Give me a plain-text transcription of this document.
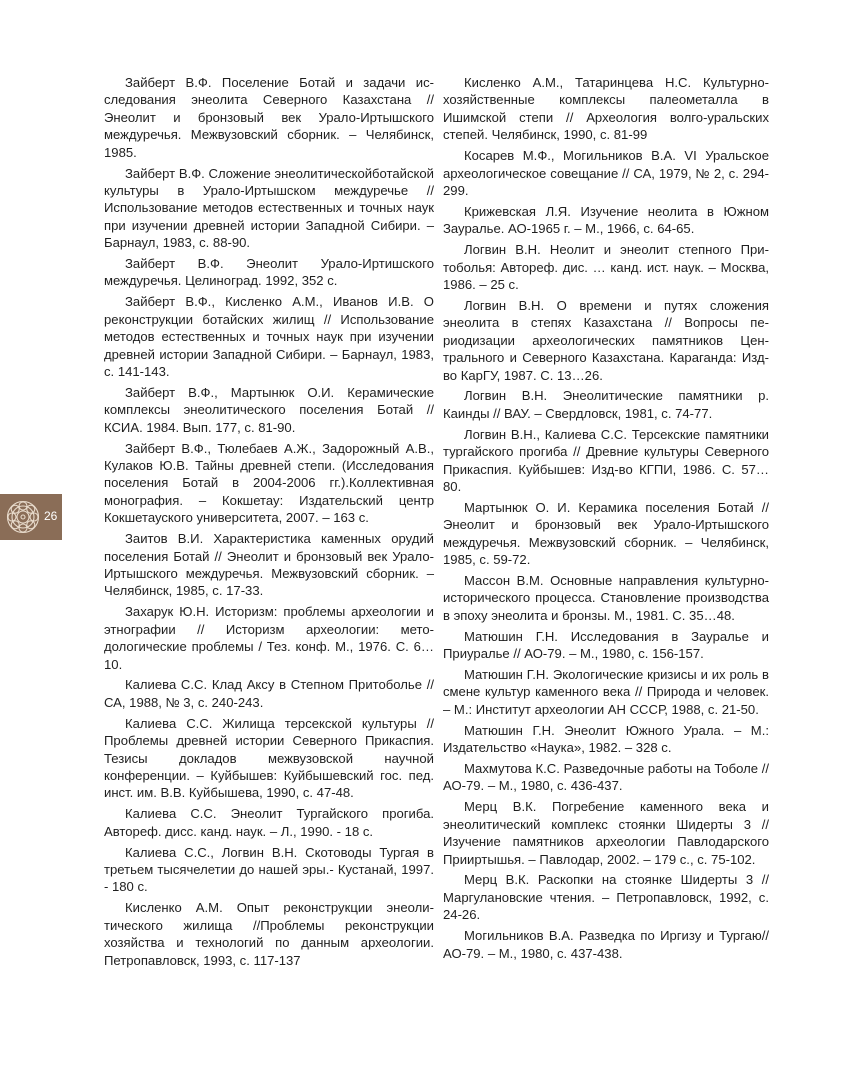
Зайберт В.Ф. Поселение Ботай и задачи исследования энеолита Северного Казахстана // Энеолит и бронзовый век Урало-Иртышского междуречья. Межвузовский сборник. – Челябинск, 1985.

Зайберт В.Ф. Сложение энеолитическойботайской культуры в Урало-Иртышском междуречье // Использование методов естественных и точных наук при изучении древней истории Западной Сибири. – Барнаул, 1983, с. 88-90.

Зайберт В.Ф. Энеолит Урало-Иртишского междуречья. Целиноград. 1992, 352 с.

Зайберт В.Ф., Кисленко А.М., Иванов И.В. О реконструкции ботайских жилищ // Использование методов естественных и точных наук при изучении древней истории Западной Сибири. – Барнаул, 1983, с. 141-143.

Зайберт В.Ф., Мартынюк О.И. Керамические комплексы энеолитического поселения Ботай // КСИА. 1984. Вып. 177, с. 81-90.

Зайберт В.Ф., Тюлебаев А.Ж., Задорожный А.В., Кулаков Ю.В. Тайны древней степи. (Исследования поселения Ботай в 2004-2006 гг.).Коллективная монография. – Кокшетау: Издательский центр Кокшетауского университета, 2007. – 163 с.

Заитов В.И. Характеристика каменных орудий поселения Ботай // Энеолит и бронзовый век Урало-Иртышского междуречья. Межвузовский сборник. – Челябинск, 1985, с. 17-33.

Захарук Ю.Н. Историзм: проблемы археологии и этнографии // Историзм археологии: методологические проблемы / Тез. конф. М., 1976. С. 6…10.

Калиева С.С. Клад Аксу в Степном Притоболье // СА, 1988, № 3, с. 240-243.

Калиева С.С. Жилища терсекской культуры // Проблемы древней истории Северного Прикаспия. Тезисы докладов межвузовской научной конференции. – Куйбышев: Куйбышевский гос. пед. инст. им. В.В. Куйбышева, 1990, с. 47-48.

Калиева С.С. Энеолит Тургайского прогиба. Автореф. дисс. канд. наук. – Л., 1990. - 18 с.

Калиева С.С., Логвин В.Н. Скотоводы Тургая в третьем тысячелетии до нашей эры.- Кустанай, 1997. - 180 с.

Кисленко А.М. Опыт реконструкции энеолитического жилища //Проблемы реконструкции хозяйства и технологий по данным археологии. Петропавловск, 1993, с. 117-137

Кисленко А.М., Татаринцева Н.С. Культурно-хозяйственные комплексы палеометалла в Ишимской степи // Археология волго-уральских степей. Челябинск, 1990, с. 81-99

Косарев М.Ф., Могильников В.А. VI Уральское археологическое совещание // СА, 1979, № 2, с. 294-299.

Крижевская Л.Я. Изучение неолита в Южном Зауралье. АО-1965 г. – М., 1966, с. 64-65.

Логвин В.Н. Неолит и энеолит степного Притоболья: Автореф. дис. … канд. ист. наук. – Москва, 1986. – 25 с.

Логвин В.Н. О времени и путях сложения энеолита в степях Казахстана // Вопросы периодизации археологических памятников Центрального и Северного Казахстана. Караганда: Изд-во КарГУ, 1987. С. 13…26.

Логвин В.Н. Энеолитические памятники р. Каинды // ВАУ. – Свердловск, 1981, с. 74-77.

Логвин В.Н., Калиева С.С. Терсекские памятники тургайского прогиба // Древние культуры Северного Прикаспия. Куйбышев: Изд-во КГПИ, 1986. С. 57…80.

Мартынюк О. И. Керамика поселения Ботай // Энеолит и бронзовый век Урало-Иртышского междуречья. Межвузовский сборник. – Челябинск, 1985, с. 59-72.

Массон В.М. Основные направления культурно-исторического процесса. Становление производства в эпоху энеолита и бронзы. М., 1981. С. 35…48.

Матюшин Г.Н. Исследования в Зауралье и Приуралье // АО-79. – М., 1980, с. 156-157.

Матюшин Г.Н. Экологические кризисы и их роль в смене культур каменного века // Природа и человек. – М.: Институт археологии АН СССР, 1988, с. 21-50.

Матюшин Г.Н. Энеолит Южного Урала. – М.: Издательство «Наука», 1982. – 328 с.

Махмутова К.С. Разведочные работы на Тоболе // АО-79. – М., 1980, с. 436-437.

Мерц В.К. Погребение каменного века и энеолитический комплекс стоянки Шидерты 3 // Изучение памятников археологии Павлодарского Прииртышья. – Павлодар, 2002. – 179 с., с. 75-102.

Мерц В.К. Раскопки на стоянке Шидерты 3 // Маргулановские чтения. – Петропавловск, 1992, с. 24-26.

Могильников В.А. Разведка по Иргизу и Тургаю// АО-79. – М., 1980, с. 437-438.

26
